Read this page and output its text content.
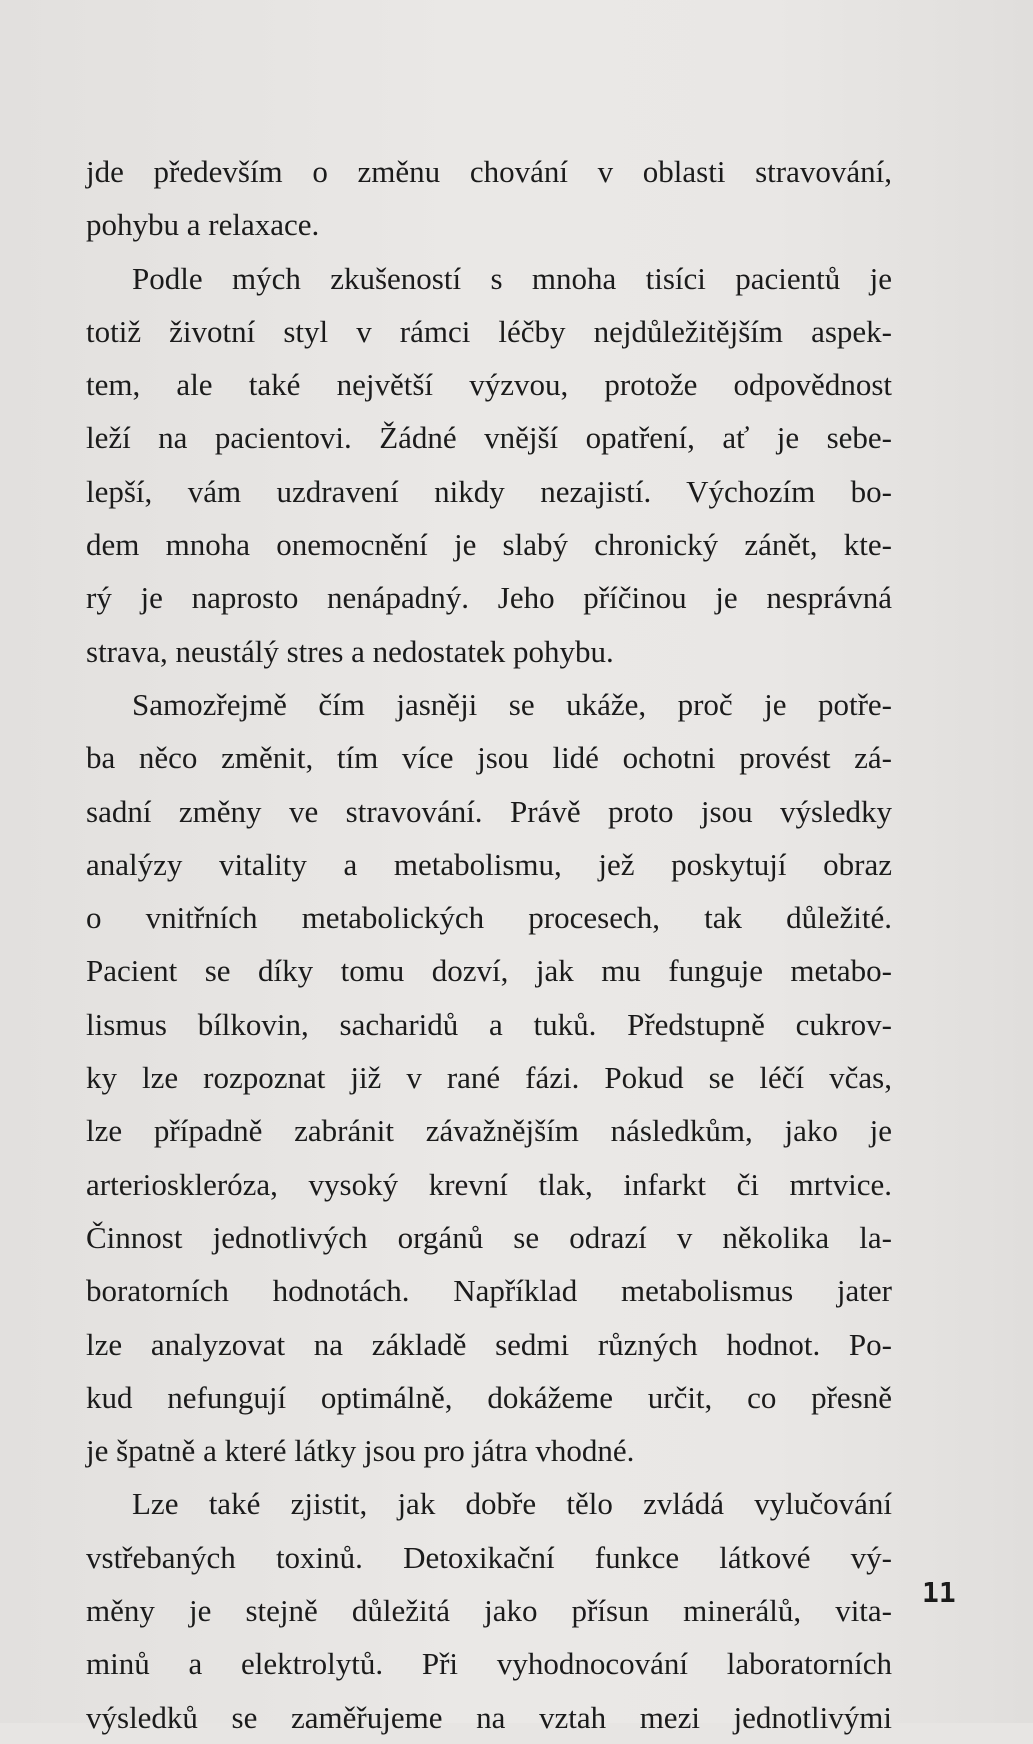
jde především o změnu chování v oblasti stravování,
pohybu a relaxace.
Podle mých zkušeností s mnoha tisíci pacientů je
totiž životní styl v rámci léčby nejdůležitějším aspek-
tem, ale také největší výzvou, protože odpovědnost
leží na pacientovi. Žádné vnější opatření, ať je sebe-
lepší, vám uzdravení nikdy nezajistí. Výchozím bo-
dem mnoha onemocnění je slabý chronický zánět, kte-
rý je naprosto nenápadný. Jeho příčinou je nesprávná
strava, neustálý stres a nedostatek pohybu.
Samozřejmě čím jasněji se ukáže, proč je potře-
ba něco změnit, tím více jsou lidé ochotni provést zá-
sadní změny ve stravování. Právě proto jsou výsledky
analýzy vitality a metabolismu, jež poskytují obraz
o vnitřních metabolických procesech, tak důležité.
Pacient se díky tomu dozví, jak mu funguje metabo-
lismus bílkovin, sacharidů a tuků. Předstupně cukrov-
ky lze rozpoznat již v rané fázi. Pokud se léčí včas,
lze případně zabránit závažnějším následkům, jako je
arterioskleróza, vysoký krevní tlak, infarkt či mrtvice.
Činnost jednotlivých orgánů se odrazí v několika la-
boratorních hodnotách. Například metabolismus jater
lze analyzovat na základě sedmi různých hodnot. Po-
kud nefungují optimálně, dokážeme určit, co přesně
je špatně a které látky jsou pro játra vhodné.
Lze také zjistit, jak dobře tělo zvládá vylučování
vstřebaných toxinů. Detoxikační funkce látkové vý-
měny je stejně důležitá jako přísun minerálů, vita-
minů a elektrolytů. Při vyhodnocování laboratorních
výsledků se zaměřujeme na vztah mezi jednotlivými
11
